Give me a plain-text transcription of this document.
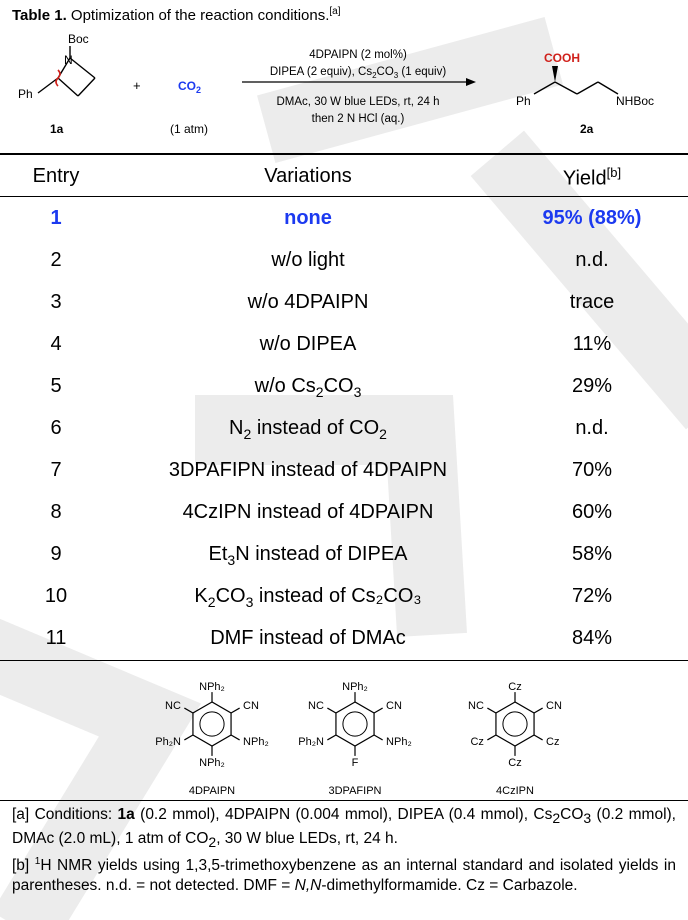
Table 1. Optimization of the reaction conditions.[a]
Boc
N
Ph
1a
+	$CO_2$
(1 atm)
4DPAIPN (2 mol%)
DIPEA (2 equiv), $Cs_2CO_3$ (1 equiv)
DMAc, 30 W blue LEDs, rt, 24 h
then 2 N HCl (aq.)
COOH
Ph	NHBoc
2a
Entry	Variations	Yield[b]
1	none	95% (88%)
2	w/o light	n.d.
3	w/o 4DPAIPN	trace
4	w/o DIPEA	11%
5	w/o $Cs_2CO_3$	29%
6	$N_2$ instead of $CO_2$	n.d.
7	3DPAFIPN instead of 4DPAIPN	70%
8	4CzIPN instead of 4DPAIPN	60%
9	$Et_3N$ instead of DIPEA	58%
10	$K_2CO_3$ instead of Cs₂CO₃	72%
11	DMF instead of DMAc	84%
NPh₂
NC	CN
Ph₂N	NPh₂
NPh₂
4DPAIPN
NPh₂
NC	CN
Ph₂N	NPh₂
F
3DPAFIPN
Cz
NC	CN
Cz	Cz
Cz
4CzIPN

[a] Conditions: 1a (0.2 mmol), 4DPAIPN (0.004 mmol), DIPEA (0.4 mmol), $Cs_2CO_3$ (0.2 mmol), DMAc (2.0 mL), 1 atm of $CO_2$, 30 W blue LEDs, rt, 24 h.

[b] $^1$H NMR yields using 1,3,5-trimethoxybenzene as an internal standard and isolated yields in parentheses. n.d. = not detected. DMF = N,N-dimethylformamide. Cz = Carbazole.
